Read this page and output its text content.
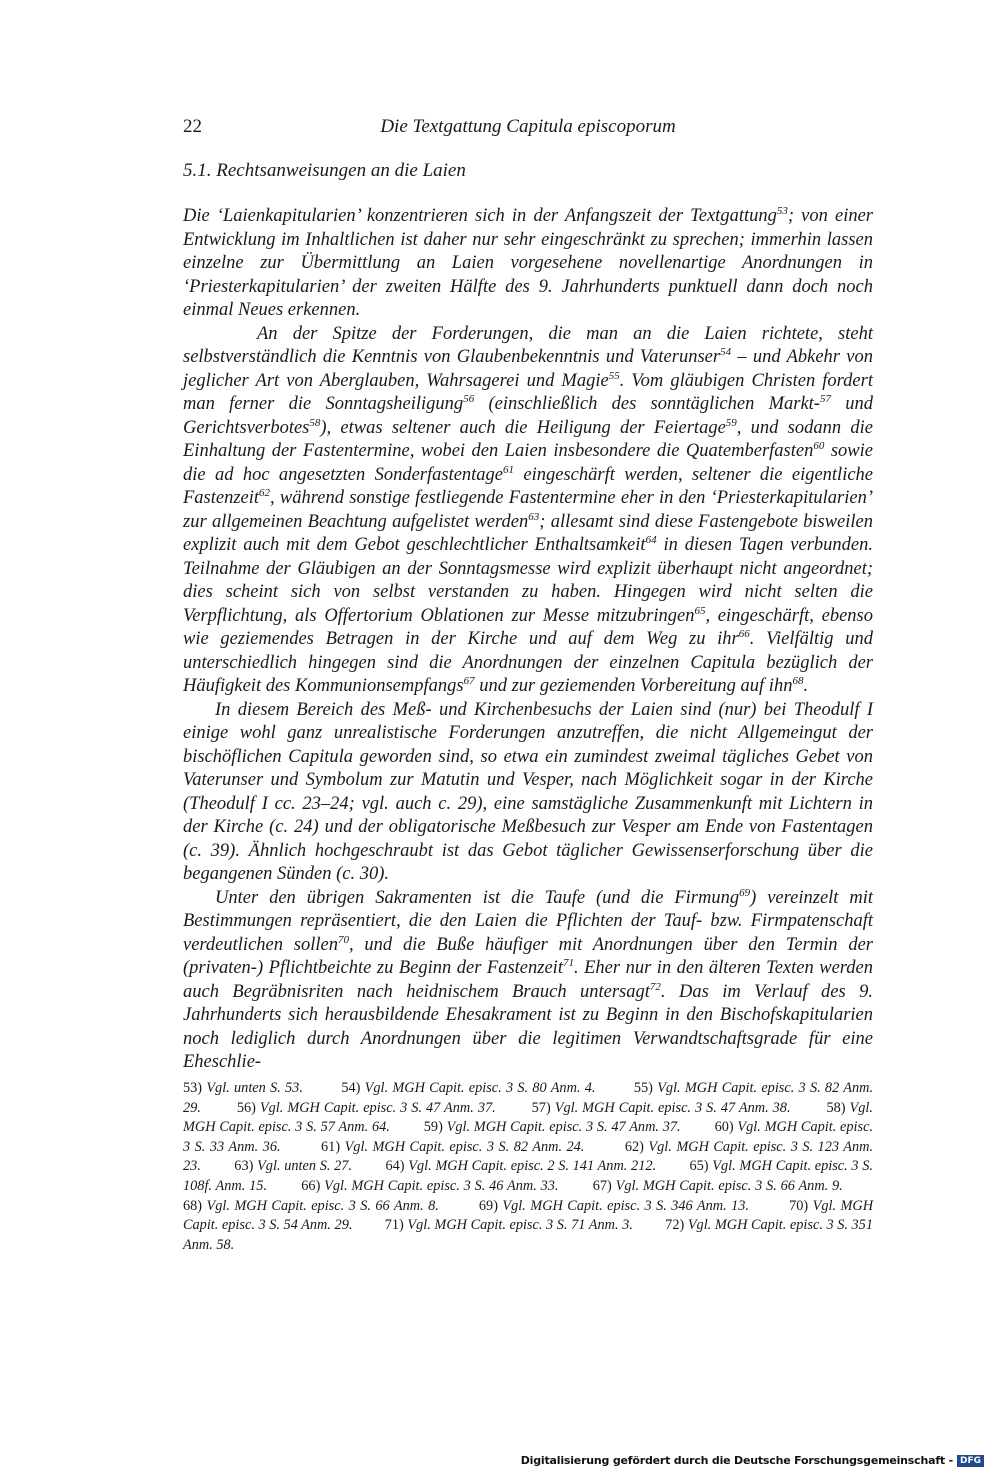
22	Die Textgattung Capitula episcoporum
5.1. Rechtsanweisungen an die Laien

Die ‘Laienkapitularien’ konzentrieren sich in der Anfangszeit der Textgattung$^{53}$; von einer Entwicklung im Inhaltlichen ist daher nur sehr eingeschränkt zu sprechen; immerhin lassen einzelne zur Übermittlung an Laien vorgesehene novellenartige Anordnungen in ‘Priesterkapitularien’ der zweiten Hälfte des 9. Jahrhunderts punktuell dann doch noch einmal Neues erkennen.

An der Spitze der Forderungen, die man an die Laien richtete, steht selbstverständlich die Kenntnis von Glaubenbekenntnis und Vaterunser$^{54}$ – und Abkehr von jeglicher Art von Aberglauben, Wahrsagerei und Magie$^{55}$. Vom gläubigen Christen fordert man ferner die Sonntagsheiligung$^{56}$ (einschließlich des sonntäglichen Markt-$^{57}$ und Gerichtsverbotes$^{58}$), etwas seltener auch die Heiligung der Feiertage$^{59}$, und sodann die Einhaltung der Fastentermine, wobei den Laien insbesondere die Quatemberfasten$^{60}$ sowie die ad hoc angesetzten Sonderfastentage$^{61}$ eingeschärft werden, seltener die eigentliche Fastenzeit$^{62}$, während sonstige festliegende Fastentermine eher in den ‘Priesterkapitularien’ zur allgemeinen Beachtung aufgelistet werden$^{63}$; allesamt sind diese Fastengebote bisweilen explizit auch mit dem Gebot geschlechtlicher Enthaltsamkeit$^{64}$ in diesen Tagen verbunden. Teilnahme der Gläubigen an der Sonntagsmesse wird explizit überhaupt nicht angeordnet; dies scheint sich von selbst verstanden zu haben. Hingegen wird nicht selten die Verpflichtung, als Offertorium Oblationen zur Messe mitzubringen$^{65}$, eingeschärft, ebenso wie geziemendes Betragen in der Kirche und auf dem Weg zu ihr$^{66}$. Vielfältig und unterschiedlich hingegen sind die Anordnungen der einzelnen Capitula bezüglich der Häufigkeit des Kommunionsempfangs$^{67}$ und zur geziemenden Vorbereitung auf ihn$^{68}$.

In diesem Bereich des Meß- und Kirchenbesuchs der Laien sind (nur) bei Theodulf I einige wohl ganz unrealistische Forderungen anzutreffen, die nicht Allgemeingut der bischöflichen Capitula geworden sind, so etwa ein zumindest zweimal tägliches Gebet von Vaterunser und Symbolum zur Matutin und Vesper, nach Möglichkeit sogar in der Kirche (Theodulf I cc. 23–24; vgl. auch c. 29), eine samstägliche Zusammenkunft mit Lichtern in der Kirche (c. 24) und der obligatorische Meßbesuch zur Vesper am Ende von Fastentagen (c. 39). Ähnlich hochgeschraubt ist das Gebot täglicher Gewissenserforschung über die begangenen Sünden (c. 30).

Unter den übrigen Sakramenten ist die Taufe (und die Firmung$^{69}$) vereinzelt mit Bestimmungen repräsentiert, die den Laien die Pflichten der Tauf- bzw. Firmpatenschaft verdeutlichen sollen$^{70}$, und die Buße häufiger mit Anordnungen über den Termin der (privaten-) Pflichtbeichte zu Beginn der Fastenzeit$^{71}$. Eher nur in den älteren Texten werden auch Begräbnisriten nach heidnischem Brauch untersagt$^{72}$. Das im Verlauf des 9. Jahrhunderts sich herausbildende Ehesakrament ist zu Beginn in den Bischofskapitularien noch lediglich durch Anordnungen über die legitimen Verwandtschaftsgrade für eine Eheschlie-

53) Vgl. unten S. 53.	54) Vgl. MGH Capit. episc. 3 S. 80 Anm. 4.	55) Vgl. MGH Capit. episc. 3 S. 82 Anm. 29.	56) Vgl. MGH Capit. episc. 3 S. 47 Anm. 37.	57) Vgl. MGH Capit. episc. 3 S. 47 Anm. 38.	58) Vgl. MGH Capit. episc. 3 S. 57 Anm. 64. 59) Vgl. MGH Capit. episc. 3 S. 47 Anm. 37. 60) Vgl. MGH Capit. episc. 3 S. 33 Anm. 36.	61) Vgl. MGH Capit. episc. 3 S. 82 Anm. 24.	62) Vgl. MGH Capit. episc. 3 S. 123 Anm. 23. 63) Vgl. unten S. 27. 64) Vgl. MGH Capit. episc. 2 S. 141 Anm. 212. 65) Vgl. MGH Capit. episc. 3 S. 108f. Anm. 15. 66) Vgl. MGH Capit. episc. 3 S. 46 Anm. 33. 67) Vgl. MGH Capit. episc. 3 S. 66 Anm. 9.         68) Vgl. MGH Capit. episc. 3 S. 66 Anm. 8.	69) Vgl. MGH Capit. episc. 3 S. 346 Anm. 13.	70) Vgl. MGH Capit. episc. 3 S. 54 Anm. 29. 71) Vgl. MGH Capit. episc. 3 S. 71 Anm. 3. 72) Vgl. MGH Capit. episc. 3 S. 351 Anm. 58.

Digitalisierung gefördert durch die Deutsche Forschungsgemeinschaft - DFG
